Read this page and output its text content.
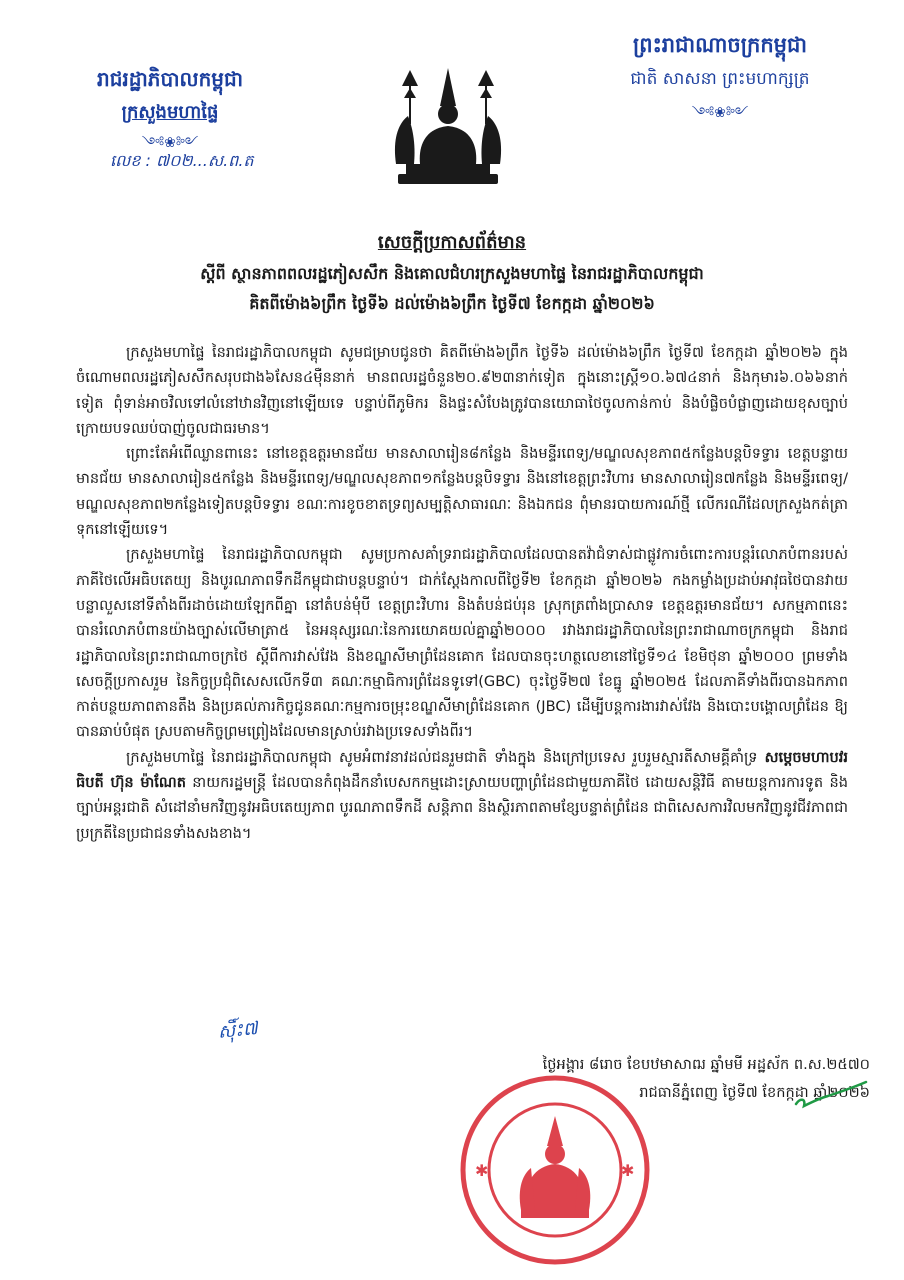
រាជរដ្ឋាភិបាលកម្ពុជា
ក្រសួងមហាផ្ទៃ
༺❀༻
លេខ : ៧០២...ស.ព.ត
ព្រះរាជាណាចក្រកម្ពុជា
ជាតិ សាសនា ព្រះមហាក្សត្រ
༺❀༻
សេចក្តីប្រកាសព័ត៌មាន
ស្តីពី ស្ថានភាពពលរដ្ឋភៀសសឹក និងគោលជំហរក្រសួងមហាផ្ទៃ នៃរាជរដ្ឋាភិបាលកម្ពុជា
គិតពីម៉ោង៦ព្រឹក ថ្ងៃទី៦ ដល់ម៉ោង៦ព្រឹក ថ្ងៃទី៧ ខែកក្កដា ឆ្នាំ២០២៦

ក្រសួងមហាផ្ទៃ នៃរាជរដ្ឋាភិបាលកម្ពុជា សូមជម្រាបជូនថា គិតពីម៉ោង៦ព្រឹក ថ្ងៃទី៦ ដល់ម៉ោង៦ព្រឹក ថ្ងៃទី៧ ខែកក្កដា ឆ្នាំ២០២៦ ក្នុងចំណោមពលរដ្ឋភៀសសឹកសរុបជាង៦សែន៤ម៉ឺននាក់ មានពលរដ្ឋចំនួន២០.៩២៣នាក់ទៀត ក្នុងនោះស្ត្រី១០.៦៧៤នាក់ និងកុមារ៦.០៦៦នាក់ទៀត ពុំទាន់អាចវិលទៅលំនៅឋានវិញនៅឡើយទេ បន្ទាប់ពីភូមិករ និងផ្ទះសំបែងត្រូវបានយោធាថៃចូលកាន់កាប់ និងបំផ្លិចបំផ្លាញដោយខុសច្បាប់ ក្រោយបទឈប់បាញ់ចូលជាធរមាន។

ព្រោះតែអំពើឈ្លានពានេះ នៅខេត្តឧត្តរមានជ័យ មានសាលារៀន៨កន្លែង និងមន្ទីរពេទ្យ/មណ្ឌលសុខភាព៥កន្លែងបន្តបិទទ្វារ ខេត្តបន្ទាយមានជ័យ មានសាលារៀន៥កន្លែង និងមន្ទីរពេទ្យ/មណ្ឌលសុខភាព១កន្លែងបន្តបិទទ្វារ និងនៅខេត្តព្រះវិហារ មានសាលារៀន៧កន្លែង និងមន្ទីរពេទ្យ/មណ្ឌលសុខភាព២កន្លែងទៀតបន្តបិទទ្វារ ខណៈការខូចខាតទ្រព្យសម្បត្តិសាធារណៈ និងឯកជន ពុំមានរបាយការណ៍ថ្មី លើករណីដែលក្រសួងកត់ត្រាទុកនៅឡើយទេ។

ក្រសួងមហាផ្ទៃ នៃរាជរដ្ឋាភិបាលកម្ពុជា សូមប្រកាសគាំទ្ររាជរដ្ឋាភិបាលដែលបានតវ៉ាជំទាស់ជាផ្លូវការចំពោះការបន្តរំលោភបំពានរបស់ភាគីថៃលើអធិបតេយ្យ និងបូរណភាពទឹកដីកម្ពុជាជាបន្តបន្ទាប់។ ជាក់ស្តែងកាលពីថ្ងៃទី២ ខែកក្កដា ឆ្នាំ២០២៦ កងកម្លាំងប្រដាប់អាវុធថៃបានវាយបន្លាលួសនៅទីតាំងពីរដាច់ដោយឡែកពីគ្នា នៅតំបន់មុំបី ខេត្តព្រះវិហារ និងតំបន់ជប់រុន ស្រុកត្រពាំងប្រាសាទ ខេត្តឧត្តរមានជ័យ។ សកម្មភាពនេះបានរំលោភបំពានយ៉ាងច្បាស់លើមាត្រា៥ នៃអនុស្សរណៈនៃការយោគយល់គ្នាឆ្នាំ២០០០ រវាងរាជរដ្ឋាភិបាលនៃព្រះរាជាណាចក្រកម្ពុជា និងរាជរដ្ឋាភិបាលនៃព្រះរាជាណាចក្រថៃ ស្តីពីការវាស់វែង និងខណ្ឌសីមាព្រំដែនគោក ដែលបានចុះហត្ថលេខានៅថ្ងៃទី១៤ ខែមិថុនា ឆ្នាំ២០០០ ព្រមទាំងសេចក្តីប្រកាសរួម នៃកិច្ចប្រជុំពិសេសលើកទី៣ គណៈកម្មាធិការព្រំដែនទូទៅ(GBC) ចុះថ្ងៃទី២៧ ខែធ្នូ ឆ្នាំ២០២៥ ដែលភាគីទាំងពីរបានឯកភាពកាត់បន្ថយភាពតានតឹង និងប្រគល់ភារកិច្ចជូនគណៈកម្មការចម្រុះខណ្ឌសីមាព្រំដែនគោក (JBC) ដើម្បីបន្តការងារវាស់វែង និងបោះបង្គោលព្រំដែន ឱ្យបានឆាប់បំផុត ស្របតាមកិច្ចព្រមព្រៀងដែលមានស្រាប់រវាងប្រទេសទាំងពីរ។

ក្រសួងមហាផ្ទៃ នៃរាជរដ្ឋាភិបាលកម្ពុជា សូមអំពាវនាវដល់ជនរួមជាតិ ទាំងក្នុង និងក្រៅប្រទេស រួបរួមស្មារតីសាមគ្គីគាំទ្រ សម្តេចមហាបវរធិបតី ហ៊ុន ម៉ាណែត នាយករដ្ឋមន្ត្រី ដែលបានកំពុងដឹកនាំបេសកកម្មដោះស្រាយបញ្ហាព្រំដែនជាមួយភាគីថៃ ដោយសន្តិវិធី តាមយន្តការការទូត និងច្បាប់អន្តរជាតិ សំដៅនាំមកវិញនូវអធិបតេយ្យភាព បូរណភាពទឹកដី សន្តិភាព និងស្ថិរភាពតាមខ្សែបន្ទាត់ព្រំដែន ជាពិសេសការវិលមកវិញនូវជីវភាពជាប្រក្រតីនៃប្រជាជនទាំងសងខាង។

ស៊ិ៍ះ៧
ថ្ងៃអង្គារ ៨រោច ខែបឋមាសាឍ ឆ្នាំមមី អដ្ឋស័ក ព.ស.២៥៧០
រាជធានីភ្នំពេញ ថ្ងៃទី៧ ខែកក្កដា ឆ្នាំ២០២៦
✱	✱
